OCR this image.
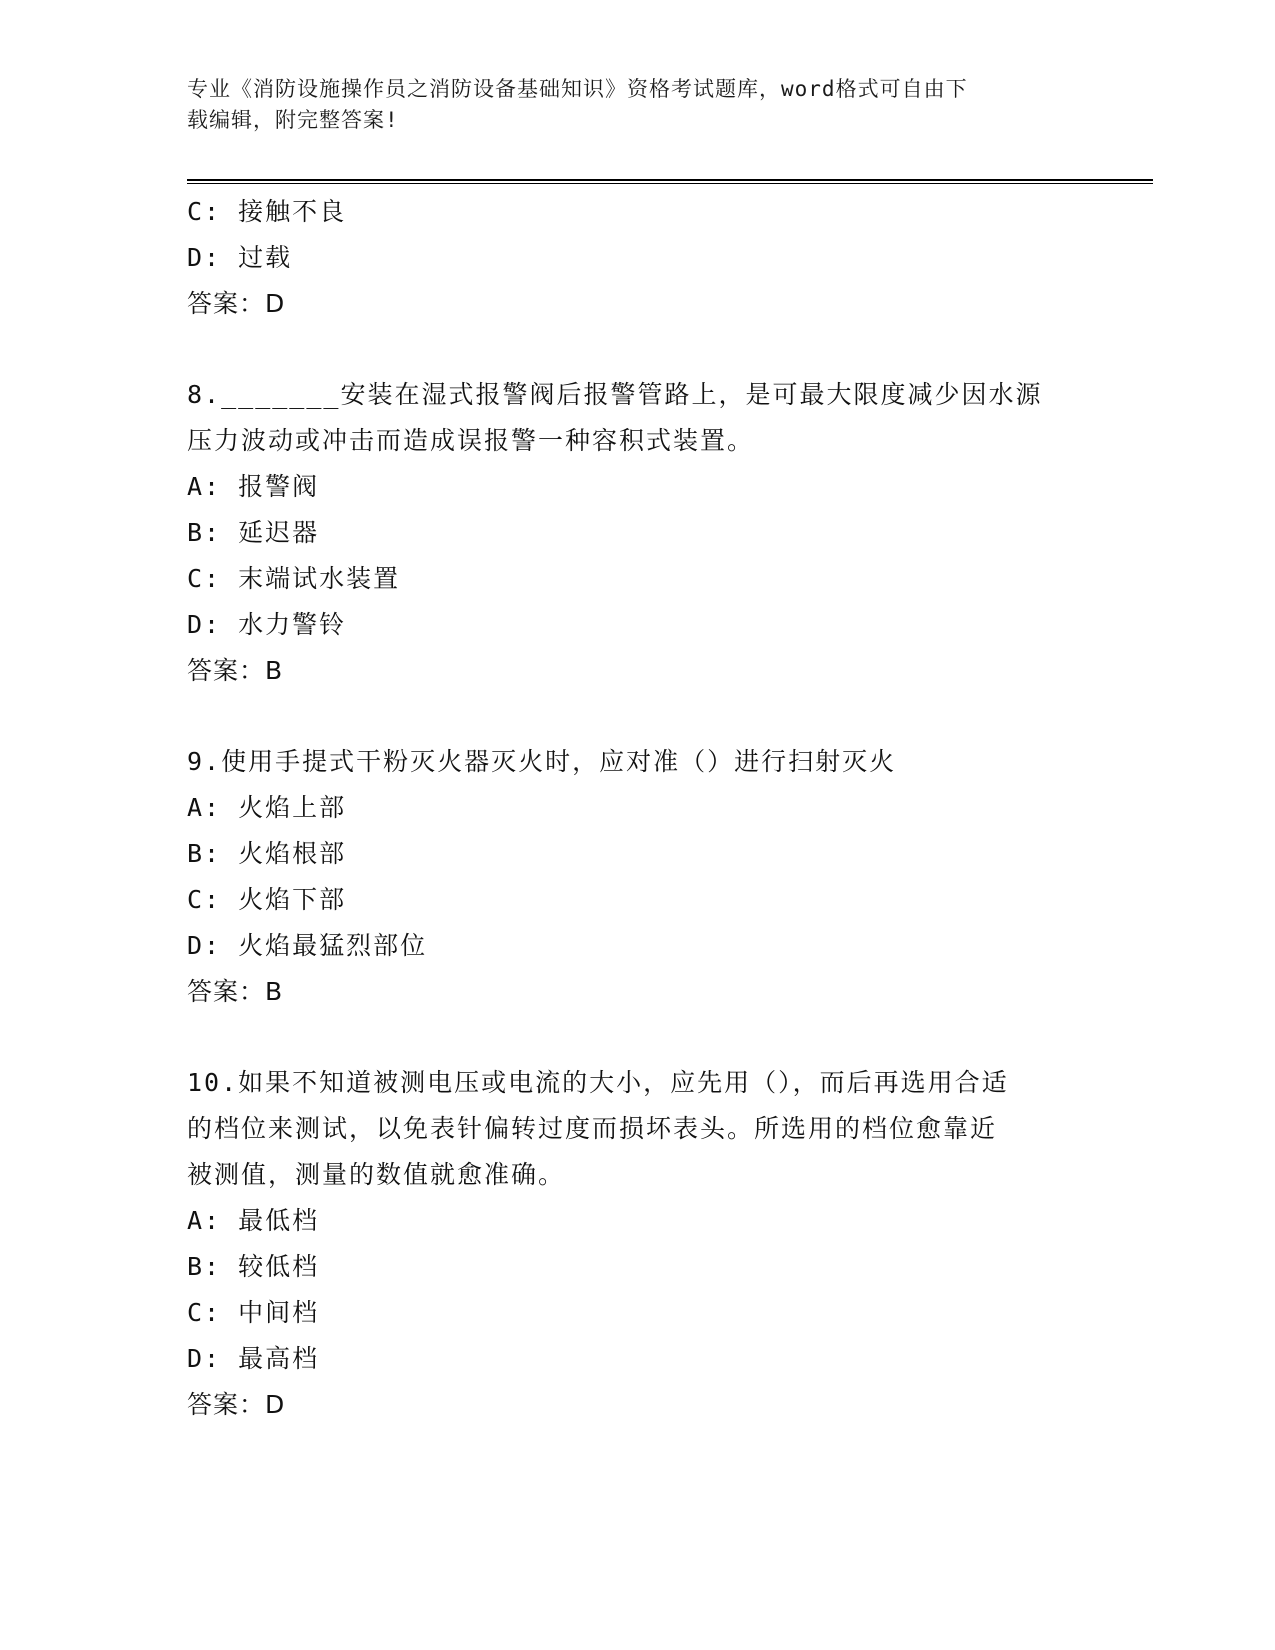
专业《消防设施操作员之消防设备基础知识》资格考试题库，word格式可自由下
载编辑，附完整答案!

C: 接触不良

D: 过载

答案：D

8._______安装在湿式报警阀后报警管路上，是可最大限度减少因水源

压力波动或冲击而造成误报警一种容积式装置。

A: 报警阀

B: 延迟器

C: 末端试水装置

D: 水力警铃

答案：B

9.使用手提式干粉灭火器灭火时，应对准（）进行扫射灭火

A: 火焰上部

B: 火焰根部

C: 火焰下部

D: 火焰最猛烈部位

答案：B

10.如果不知道被测电压或电流的大小，应先用（），而后再选用合适

的档位来测试，以免表针偏转过度而损坏表头。所选用的档位愈靠近

被测值，测量的数值就愈准确。

A: 最低档

B: 较低档

C: 中间档

D: 最高档

答案：D
